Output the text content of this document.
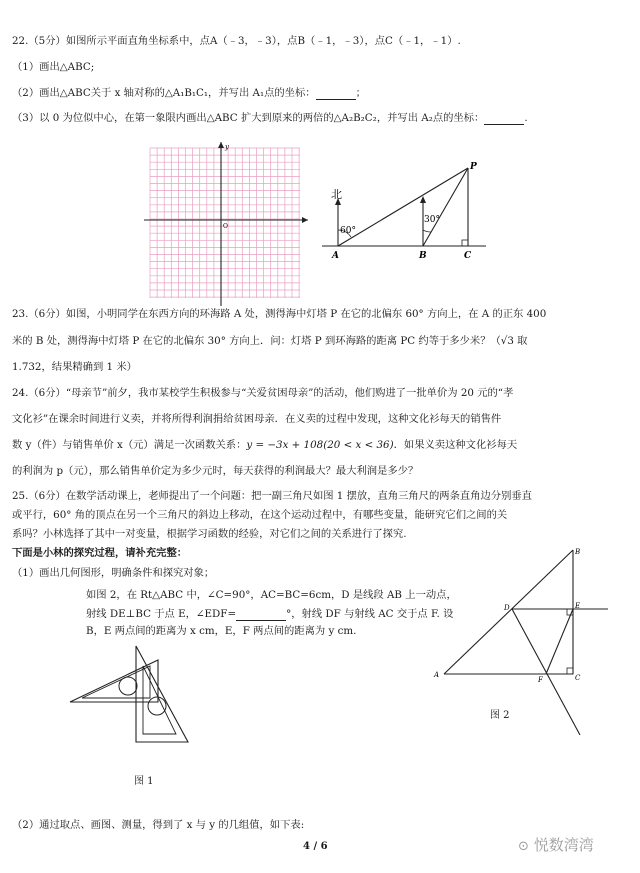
22.（5分）如图所示平面直角坐标系中，点A（﹣3，﹣3），点B（﹣1，﹣3），点C（﹣1，﹣1）.
（1）画出△ABC;
（2）画出△ABC关于 x 轴对称的△A₁B₁C₁，并写出 A₁点的坐标：	；
（3）以 0 为位似中心，在第一象限内画出△ABC 扩大到原来的两倍的△A₂B₂C₂，并写出 A₂点的坐标：	.
y
O
北
60°
30°
A	B	C
P
23.（6分）如图，小明同学在东西方向的环海路 A 处，测得海中灯塔 P 在它的北偏东 60° 方向上，在 A 的正东 400
米的 B 处，测得海中灯塔 P 在它的北偏东 30° 方向上．问：灯塔 P 到环海路的距离 PC 约等于多少米？（√3 取
1.732，结果精确到 1 米）
24.（6分）“母亲节”前夕，我市某校学生积极参与“关爱贫困母亲”的活动，他们购进了一批单价为 20 元的“孝
文化衫”在课余时间进行义卖，并将所得利润捐给贫困母亲．在义卖的过程中发现，这种文化衫每天的销售件
数 y（件）与销售单价 x（元）满足一次函数关系：y = −3x + 108(20 < x < 36)．如果义卖这种文化衫每天
的利润为 p（元），那么销售单价定为多少元时，每天获得的利润最大？最大利润是多少？
25.（6分）在数学活动课上，老师提出了一个问题：把一副三角尺如图 1 摆放，直角三角尺的两条直角边分别垂直
或平行，60° 角的顶点在另一个三角尺的斜边上移动，在这个运动过程中，有哪些变量，能研究它们之间的关
系吗？小林选择了其中一对变量，根据学习函数的经验，对它们之间的关系进行了探究.
下面是小林的探究过程，请补充完整：
（1）画出几何图形，明确条件和探究对象；
如图 2，在 Rt△ABC 中，∠C=90°，AC=BC=6cm，D 是线段 AB 上一动点，
射线 DE⊥BC 于点 E，∠EDF=	°，射线 DF 与射线 AC 交于点 F. 设
B，E 两点间的距离为 x cm，E，F 两点间的距离为 y cm.
图 1
A
B
C
D	E
F
图 2
（2）通过取点、画图、测量，得到了 x 与 y 的几组值，如下表:
4 / 6	⊙ 悦数湾湾
